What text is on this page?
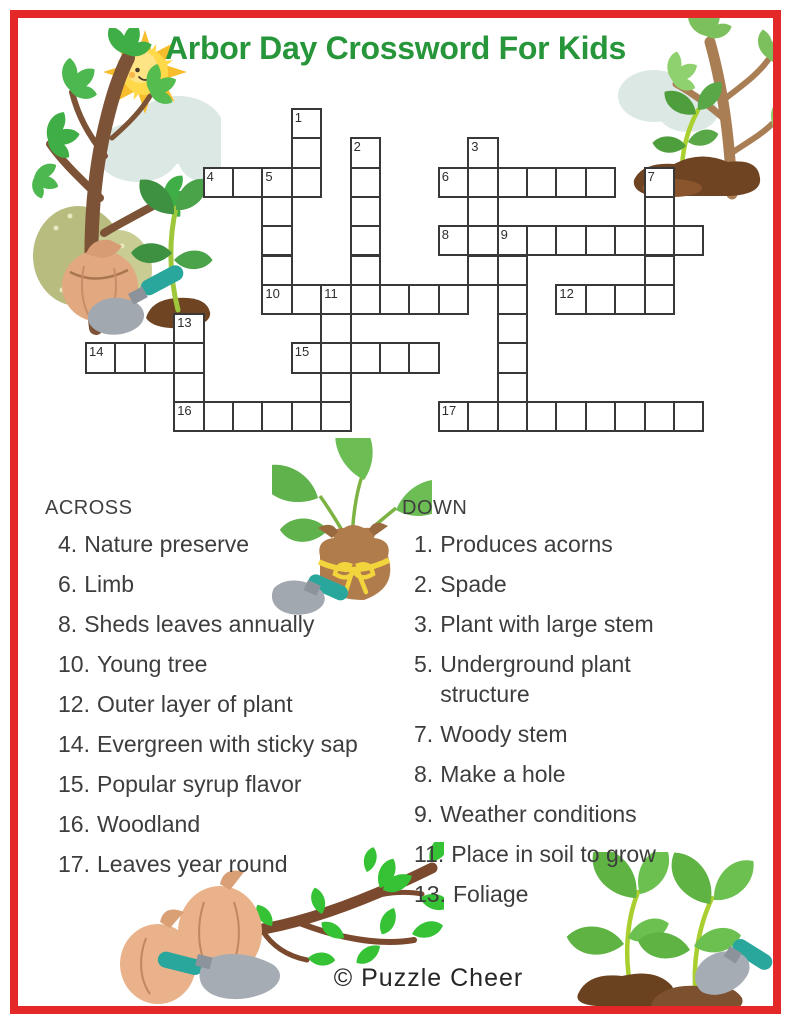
Arbor Day Crossword For Kids
1
2	3
4	5
10
6	7
8	9
11	12
13
16
14	15
17
ACROSS
4. Nature preserve
6. Limb
8. Sheds leaves annually
10. Young tree
12. Outer layer of plant
14. Evergreen with sticky sap
15. Popular syrup flavor
16. Woodland
17. Leaves year round
DOWN
1. Produces acorns
2. Spade
3. Plant with large stem
5. Underground plant structure
7. Woody stem
8. Make a hole
9. Weather conditions
11. Place in soil to grow
13. Foliage
© Puzzle Cheer
